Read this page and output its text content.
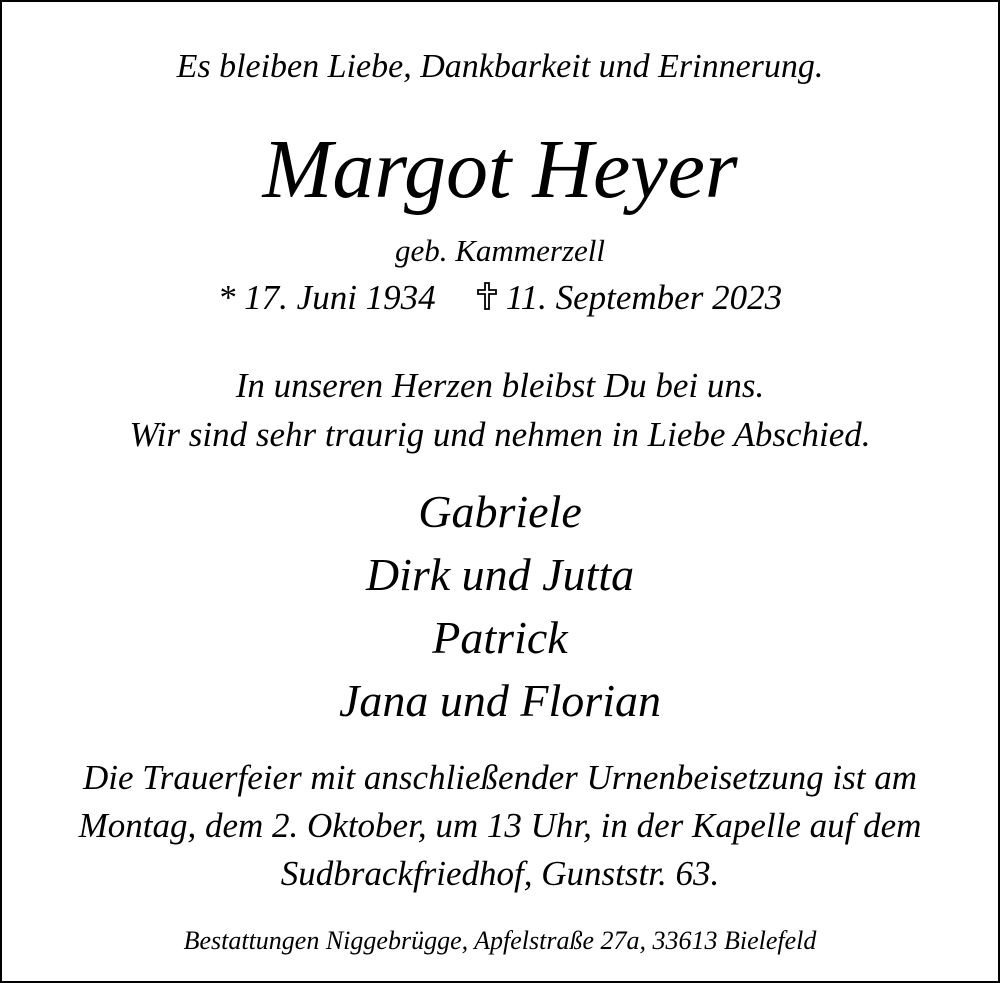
Es bleiben Liebe, Dankbarkeit und Erinnerung.
Margot Heyer
geb. Kammerzell
* 17. Juni 1934 11. September 2023
In unseren Herzen bleibst Du bei uns.
Wir sind sehr traurig und nehmen in Liebe Abschied.
Gabriele
Dirk und Jutta
Patrick
Jana und Florian
Die Trauerfeier mit anschließender Urnenbeisetzung ist am
Montag, dem 2. Oktober, um 13 Uhr, in der Kapelle auf dem
Sudbrackfriedhof, Gunststr. 63.
Bestattungen Niggebrügge, Apfelstraße 27a, 33613 Bielefeld
